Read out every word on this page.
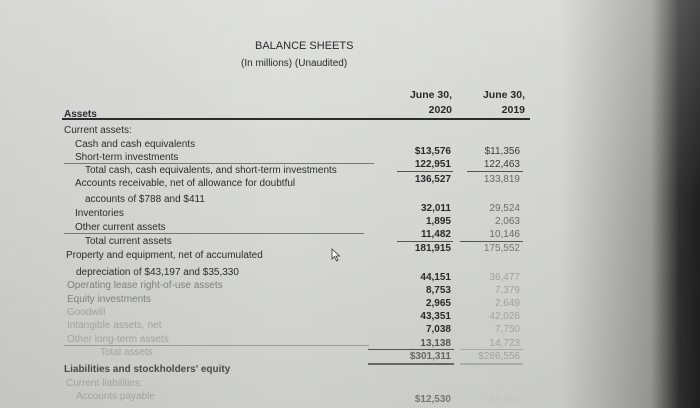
BALANCE SHEETS
(In millions) (Unaudited)
June 30,
2020
June 30,
2019
Assets
Current assets:
Cash and cash equivalents
Short-term investments
Total cash, cash equivalents, and short-term investments
Accounts receivable, net of allowance for doubtful
accounts of $788 and $411
Inventories
Other current assets
Total current assets
Property and equipment, net of accumulated
depreciation of $43,197 and $35,330
Operating lease right-of-use assets
Equity investments
Goodwill
Intangible assets, net
Other long-term assets
Total assets
Liabilities and stockholders' equity
Current liabilities:
Accounts payable
$13,576
122,951
136,527
32,011
1,895
11,482
181,915
44,151
8,753
2,965
43,351
7,038
13,138
$301,311
$12,530
$11,356
122,463
133,819
29,524
2,063
10,146
175,552
36,477
7,379
2,649
42,026
7,750
14,723
$286,556
$9,382
